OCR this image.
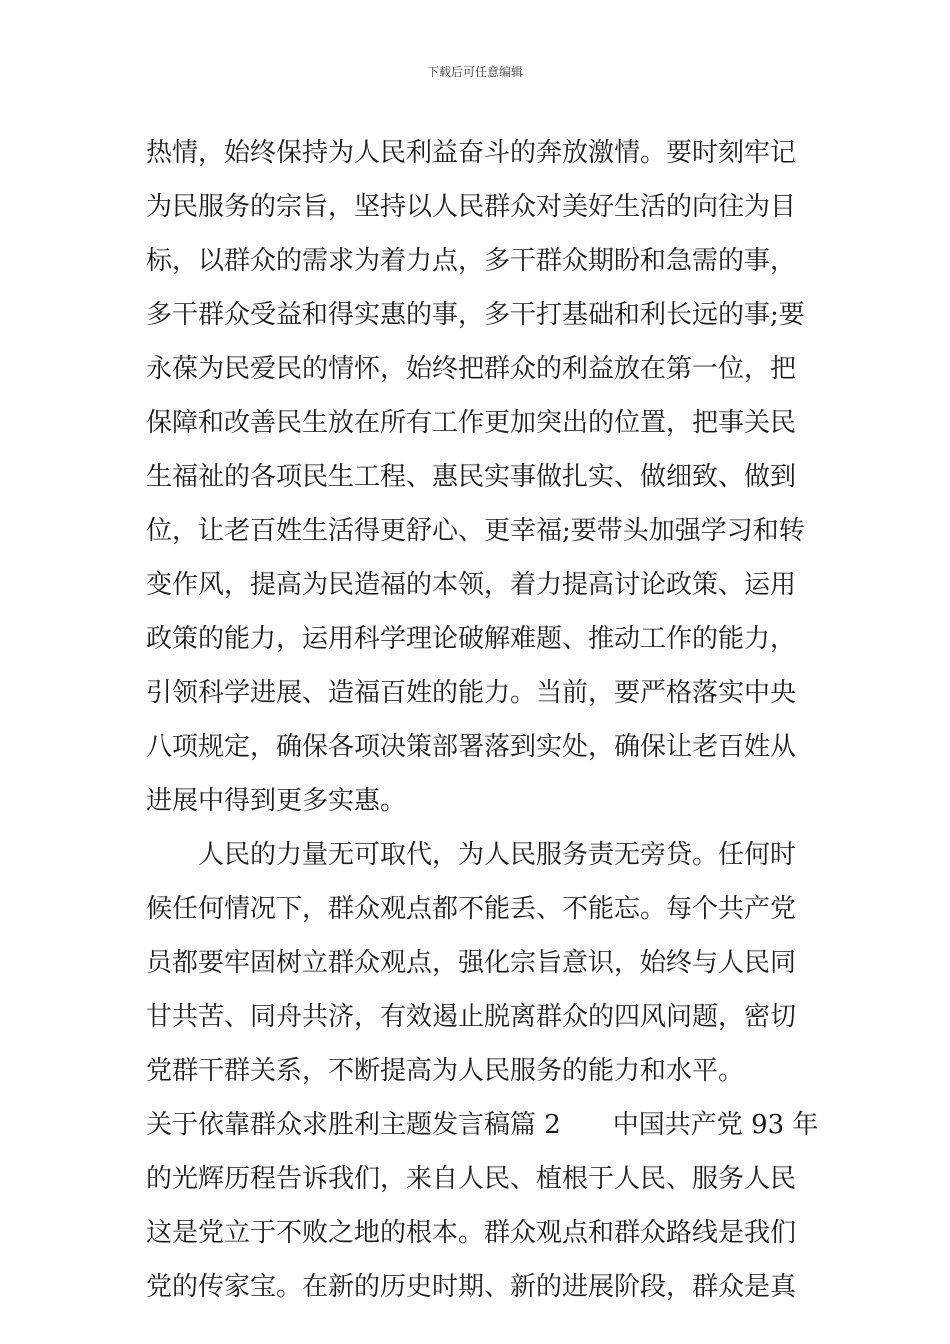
下载后可任意编辑
热情，始终保持为人民利益奋斗的奔放激情。要时刻牢记
为民服务的宗旨，坚持以人民群众对美好生活的向往为目
标，以群众的需求为着力点，多干群众期盼和急需的事，
多干群众受益和得实惠的事，多干打基础和利长远的事;要
永葆为民爱民的情怀，始终把群众的利益放在第一位，把
保障和改善民生放在所有工作更加突出的位置，把事关民
生福祉的各项民生工程、惠民实事做扎实、做细致、做到
位，让老百姓生活得更舒心、更幸福;要带头加强学习和转
变作风，提高为民造福的本领，着力提高讨论政策、运用
政策的能力，运用科学理论破解难题、推动工作的能力，
引领科学进展、造福百姓的能力。当前，要严格落实中央
八项规定，确保各项决策部署落到实处，确保让老百姓从
进展中得到更多实惠。
人民的力量无可取代，为人民服务责无旁贷。任何时
候任何情况下，群众观点都不能丢、不能忘。每个共产党
员都要牢固树立群众观点，强化宗旨意识，始终与人民同
甘共苦、同舟共济，有效遏止脱离群众的四风问题，密切
党群干群关系，不断提高为人民服务的能力和水平。
关于依靠群众求胜利主题发言稿篇 2　　中国共产党 93 年
的光辉历程告诉我们，来自人民、植根于人民、服务人民
这是党立于不败之地的根本。群众观点和群众路线是我们
党的传家宝。在新的历史时期、新的进展阶段，群众是真
